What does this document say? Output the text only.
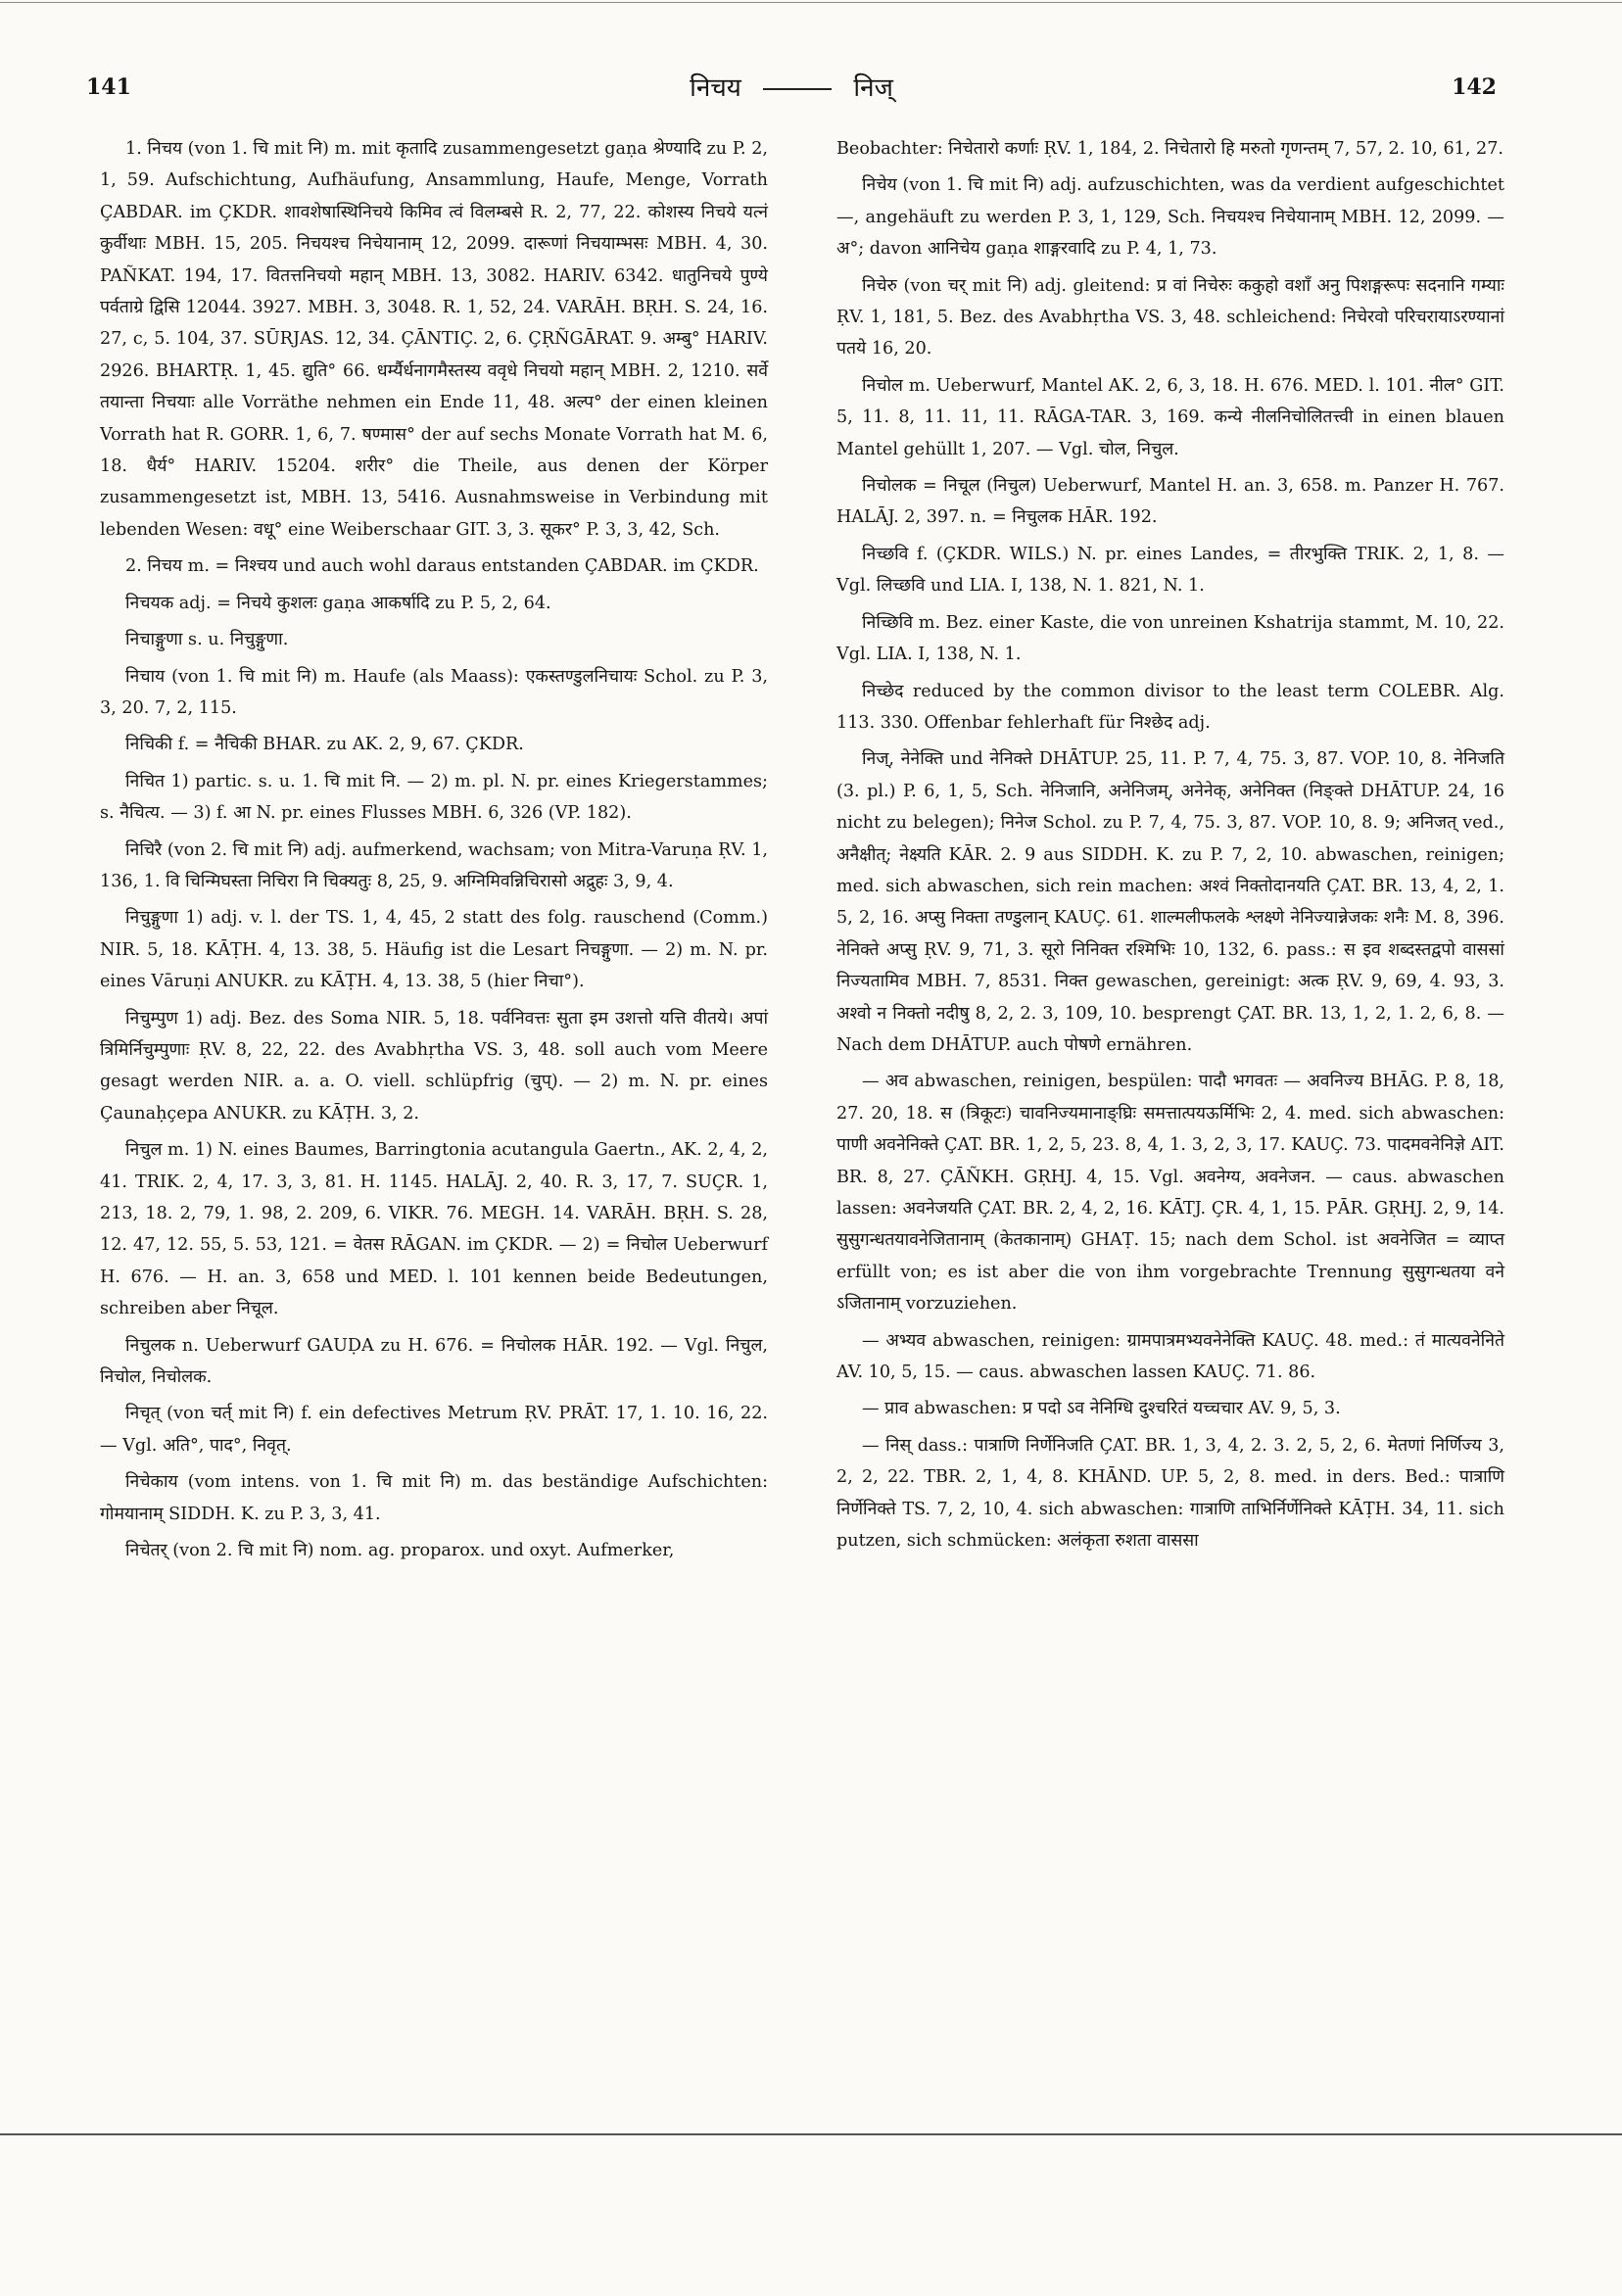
141	निचय	निज्	142

1. निचय (von 1. चि mit नि) m. mit कृतादि zusammengesetzt gaṇa श्रेण्यादि zu P. 2, 1, 59. Aufschichtung, Aufhäufung, Ansammlung, Haufe, Menge, Vorrath ÇABDAR. im ÇKDR. शावशेषास्थिनिचये किमिव त्वं विलम्बसे R. 2, 77, 22. कोशस्य निचये यत्नं कुर्वीथाः MBH. 15, 205. निचयश्च निचेयानाम् 12, 2099. दारूणां निचयाम्भसः MBH. 4, 30. PAÑKAT. 194, 17. वितत्तनिचयो महान् MBH. 13, 3082. HARIV. 6342. धातुनिचये पुण्ये पर्वताग्रे द्विसि 12044. 3927. MBH. 3, 3048. R. 1, 52, 24. VARĀH. BṚH. S. 24, 16. 27, c, 5. 104, 37. SŪRJAS. 12, 34. ÇĀNTIÇ. 2, 6. ÇṚÑGĀRAT. 9. अम्बु° HARIV. 2926. BHARTṚ. 1, 45. द्युति° 66. धर्म्यैर्धनागमैस्तस्य ववृधे निचयो महान् MBH. 2, 1210. सर्वे तयान्ता निचयाः alle Vorräthe nehmen ein Ende 11, 48. अल्प° der einen kleinen Vorrath hat R. GORR. 1, 6, 7. षण्मास° der auf sechs Monate Vorrath hat M. 6, 18. धैर्य° HARIV. 15204. शरीर° die Theile, aus denen der Körper zusammengesetzt ist, MBH. 13, 5416. Ausnahmsweise in Verbindung mit lebenden Wesen: वधू° eine Weiberschaar GIT. 3, 3. सूकर° P. 3, 3, 42, Sch.

2. निचय m. = निश्चय und auch wohl daraus entstanden ÇABDAR. im ÇKDR.

निचयक adj. = निचये कुशलः gaṇa आकर्षादि zu P. 5, 2, 64.

निचाङ्गुणा s. u. निचुङ्गुणा.

निचाय (von 1. चि mit नि) m. Haufe (als Maass): एकस्तण्डुलनिचायः Schol. zu P. 3, 3, 20. 7, 2, 115.

निचिकी f. = नैचिकी BHAR. zu AK. 2, 9, 67. ÇKDR.

निचित 1) partic. s. u. 1. चि mit नि. — 2) m. pl. N. pr. eines Kriegerstammes; s. नैचित्य. — 3) f. आ N. pr. eines Flusses MBH. 6, 326 (VP. 182).

निचिरै (von 2. चि mit नि) adj. aufmerkend, wachsam; von Mitra-Varuṇa ṚV. 1, 136, 1. वि चिन्मिघस्ता निचिरा नि चिक्यतुः 8, 25, 9. अग्निमिवन्निचिरासो अद्रुहः 3, 9, 4.

निचुङ्गुणा 1) adj. v. l. der TS. 1, 4, 45, 2 statt des folg. rauschend (Comm.) NIR. 5, 18. KĀṬH. 4, 13. 38, 5. Häufig ist die Lesart निचङ्गुणा. — 2) m. N. pr. eines Vāruṇi ANUKR. zu KĀṬH. 4, 13. 38, 5 (hier निचा°).

निचुम्पुण 1) adj. Bez. des Soma NIR. 5, 18. पर्वनिवत्तः सुता इम उशत्तो यत्ति वीतये। अपां त्रिमिर्निचुम्पुणाः ṚV. 8, 22, 22. des Avabhṛtha VS. 3, 48. soll auch vom Meere gesagt werden NIR. a. a. O. viell. schlüpfrig (चुप्). — 2) m. N. pr. eines Çaunaḥçepa ANUKR. zu KĀṬH. 3, 2.

निचुल m. 1) N. eines Baumes, Barringtonia acutangula Gaertn., AK. 2, 4, 2, 41. TRIK. 2, 4, 17. 3, 3, 81. H. 1145. HALĀJ. 2, 40. R. 3, 17, 7. SUÇR. 1, 213, 18. 2, 79, 1. 98, 2. 209, 6. VIKR. 76. MEGH. 14. VARĀH. BṚH. S. 28, 12. 47, 12. 55, 5. 53, 121. = वेतस RĀGAN. im ÇKDR. — 2) = निचोल Ueberwurf H. 676. — H. an. 3, 658 und MED. l. 101 kennen beide Bedeutungen, schreiben aber निचूल.

निचुलक n. Ueberwurf GAUḌA zu H. 676. = निचोलक HĀR. 192. — Vgl. निचुल, निचोल, निचोलक.

निचृत् (von चर्त् mit नि) f. ein defectives Metrum ṚV. PRĀT. 17, 1. 10. 16, 22. — Vgl. अति°, पाद°, निवृत्.

निचेकाय (vom intens. von 1. चि mit नि) m. das beständige Aufschichten: गोमयानाम् SIDDH. K. zu P. 3, 3, 41.

निचेतर् (von 2. चि mit नि) nom. ag. proparox. und oxyt. Aufmerker,

Beobachter: निचेतारो कर्णाः ṚV. 1, 184, 2. निचेतारो हि मरुतो गृणन्तम् 7, 57, 2. 10, 61, 27.

निचेय (von 1. चि mit नि) adj. aufzuschichten, was da verdient aufgeschichtet —, angehäuft zu werden P. 3, 1, 129, Sch. निचयश्च निचेयानाम् MBH. 12, 2099. — अ°; davon आनिचेय gaṇa शाङ्गरवादि zu P. 4, 1, 73.

निचेरु (von चर् mit नि) adj. gleitend: प्र वां निचेरुः ककुहो वशाँ अनु पिशङ्गरूपः सदनानि गम्याः ṚV. 1, 181, 5. Bez. des Avabhṛtha VS. 3, 48. schleichend: निचेरवो परिचरायाऽरण्यानां पतये 16, 20.

निचोल m. Ueberwurf, Mantel AK. 2, 6, 3, 18. H. 676. MED. l. 101. नील° GIT. 5, 11. 8, 11. 11, 11. RĀGA-TAR. 3, 169. कन्ये नीलनिचोलितत्त्वी in einen blauen Mantel gehüllt 1, 207. — Vgl. चोल, निचुल.

निचोलक = निचूल (निचुल) Ueberwurf, Mantel H. an. 3, 658. m. Panzer H. 767. HALĀJ. 2, 397. n. = निचुलक HĀR. 192.

निच्छवि f. (ÇKDR. WILS.) N. pr. eines Landes, = तीरभुक्ति TRIK. 2, 1, 8. — Vgl. लिच्छवि und LIA. I, 138, N. 1. 821, N. 1.

निच्छिवि m. Bez. einer Kaste, die von unreinen Kshatrija stammt, M. 10, 22. Vgl. LIA. I, 138, N. 1.

निच्छेद reduced by the common divisor to the least term COLEBR. Alg. 113. 330. Offenbar fehlerhaft für निश्छेद adj.

निज्, नेनेक्ति und नेनिक्ते DHĀTUP. 25, 11. P. 7, 4, 75. 3, 87. VOP. 10, 8. नेनिजति (3. pl.) P. 6, 1, 5, Sch. नेनिजानि, अनेनिजम्, अनेनेक्, अनेनिक्त (निङ्क्ते DHĀTUP. 24, 16 nicht zu belegen); निनेज Schol. zu P. 7, 4, 75. 3, 87. VOP. 10, 8. 9; अनिजत् ved., अनैक्षीत्; नेक्ष्यति KĀR. 2. 9 aus SIDDH. K. zu P. 7, 2, 10. abwaschen, reinigen; med. sich abwaschen, sich rein machen: अश्वं निक्तोदानयति ÇAT. BR. 13, 4, 2, 1. 5, 2, 16. अप्सु निक्ता तण्डुलान् KAUÇ. 61. शाल्मलीफलके श्लक्ष्णे नेनिज्यान्नेजकः शनैः M. 8, 396. नेनिक्ते अप्सु ṚV. 9, 71, 3. सूरो निनिक्त रश्मिभिः 10, 132, 6. pass.: स इव शब्दस्तद्वपो वाससां निज्यतामिव MBH. 7, 8531. निक्त gewaschen, gereinigt: अत्क ṚV. 9, 69, 4. 93, 3. अश्वो न निक्तो नदीषु 8, 2, 2. 3, 109, 10. besprengt ÇAT. BR. 13, 1, 2, 1. 2, 6, 8. — Nach dem DHĀTUP. auch पोषणे ernähren.

— अव abwaschen, reinigen, bespülen: पादौ भगवतः — अवनिज्य BHĀG. P. 8, 18, 27. 20, 18. स (त्रिकूटः) चावनिज्यमानाङ्घ्रिः समत्तात्पयऊर्मिभिः 2, 4. med. sich abwaschen: पाणी अवनेनिक्ते ÇAT. BR. 1, 2, 5, 23. 8, 4, 1. 3, 2, 3, 17. KAUÇ. 73. पादमवनेनिज्ञे AIT. BR. 8, 27. ÇĀÑKH. GṚHJ. 4, 15. Vgl. अवनेग्य, अवनेजन. — caus. abwaschen lassen: अवनेजयति ÇAT. BR. 2, 4, 2, 16. KĀTJ. ÇR. 4, 1, 15. PĀR. GṚHJ. 2, 9, 14. सुसुगन्धतयावनेजितानाम् (केतकानाम्) GHAṬ. 15; nach dem Schol. ist अवनेजित = व्याप्त erfüllt von; es ist aber die von ihm vorgebrachte Trennung सुसुगन्धतया वने ऽजितानाम् vorzuziehen.

— अभ्यव abwaschen, reinigen: ग्रामपात्रमभ्यवनेनेक्ति KAUÇ. 48. med.: तं मात्यवनेनिते AV. 10, 5, 15. — caus. abwaschen lassen KAUÇ. 71. 86.

— प्राव abwaschen: प्र पदो ऽव नेनिग्धि दुश्चरितं यच्चचार AV. 9, 5, 3.

— निस् dass.: पात्राणि निर्णेनिजति ÇAT. BR. 1, 3, 4, 2. 3. 2, 5, 2, 6. मेतणां निर्णिज्य 3, 2, 2, 22. TBR. 2, 1, 4, 8. KHĀND. UP. 5, 2, 8. med. in ders. Bed.: पात्राणि निर्णेनिक्ते TS. 7, 2, 10, 4. sich abwaschen: गात्राणि ताभिर्निर्णेनिक्ते KĀṬH. 34, 11. sich putzen, sich schmücken: अलंकृता रुशता वाससा
